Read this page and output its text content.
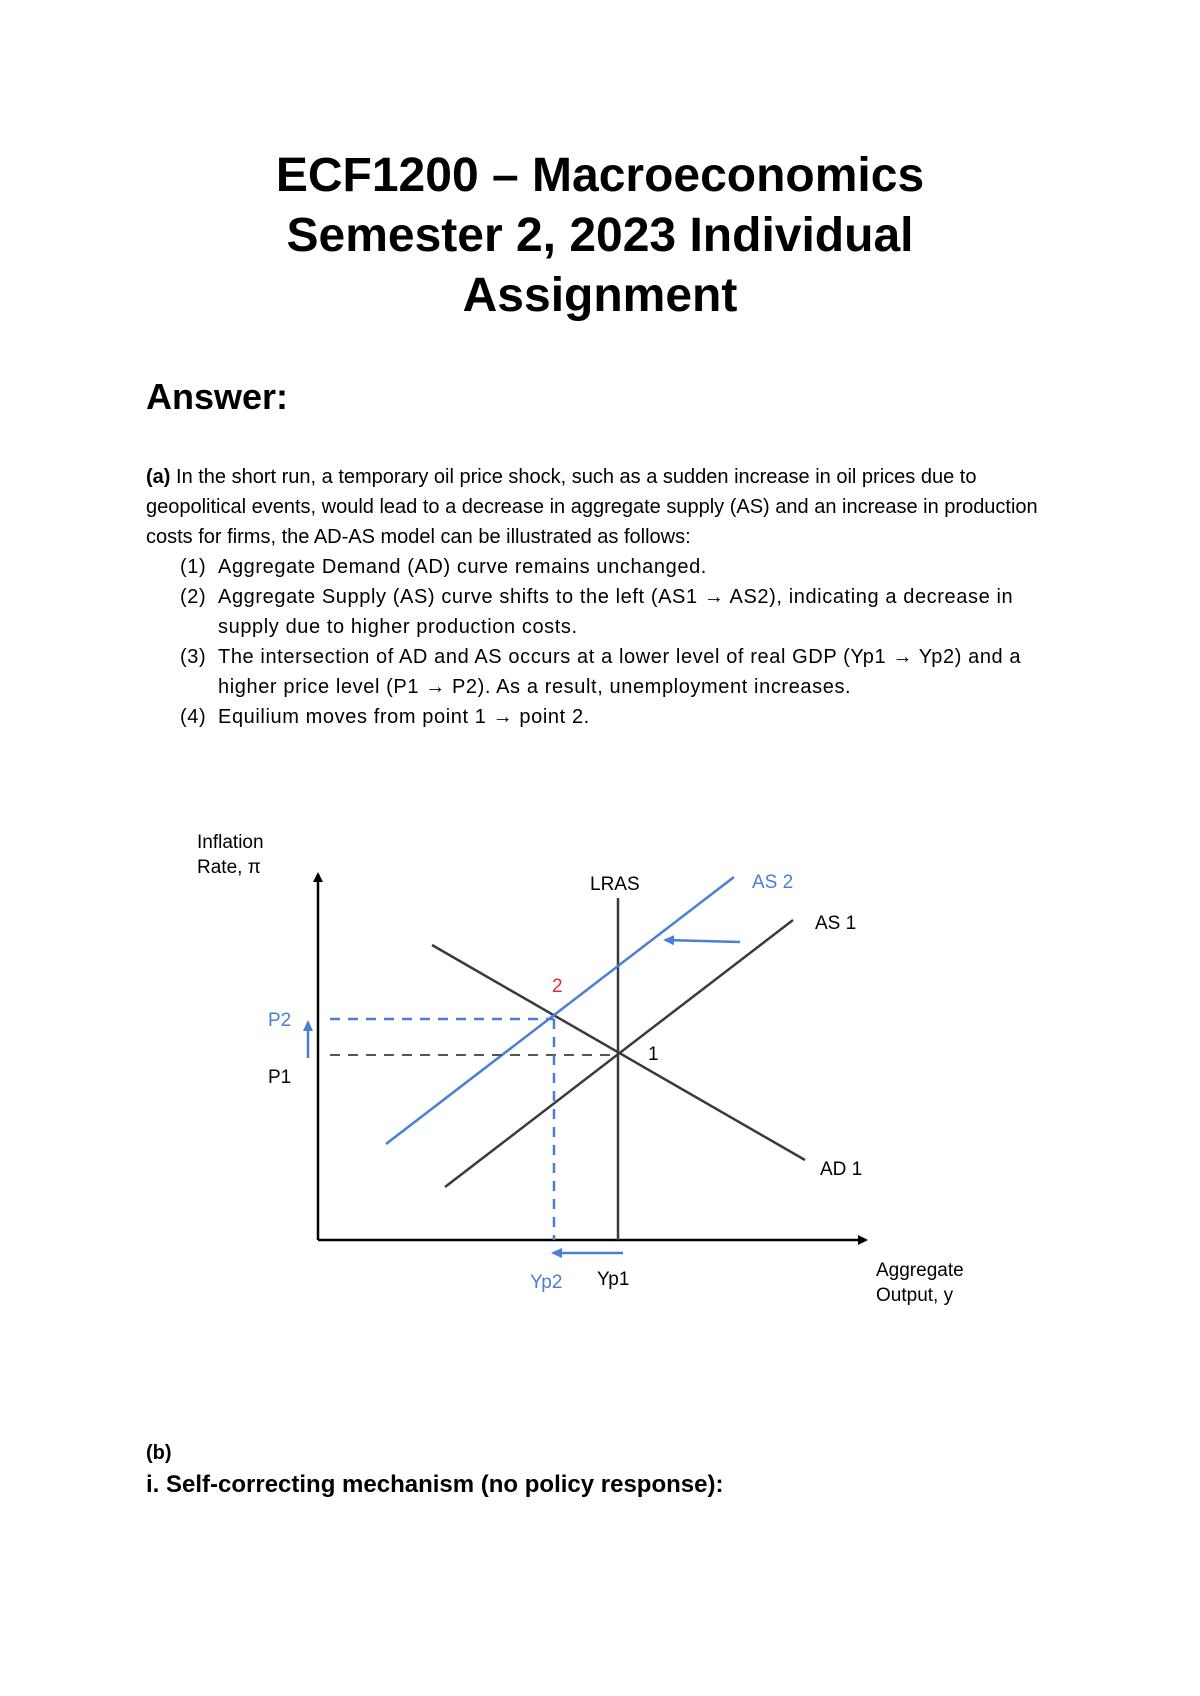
ECF1200 – Macroeconomics
Semester 2, 2023 Individual
Assignment
Answer:
(a) In the short run, a temporary oil price shock, such as a sudden increase in oil prices due to geopolitical events, would lead to a decrease in aggregate supply (AS) and an increase in production costs for firms, the AD-AS model can be illustrated as follows:
(1) Aggregate Demand (AD) curve remains unchanged.
(2) Aggregate Supply (AS) curve shifts to the left (AS1 → AS2), indicating a decrease in supply due to higher production costs.
(3) The intersection of AD and AS occurs at a lower level of real GDP (Yp1 → Yp2) and a higher price level (P1 → P2). As a result, unemployment increases.
(4) Equilium moves from point 1 → point 2.
Inflation
Rate, π
Aggregate
Output, y
LRAS	AS 2
AS 1
AD 1
2
1
P2
P1
Yp2 Yp1
(b)
i. Self-correcting mechanism (no policy response):
